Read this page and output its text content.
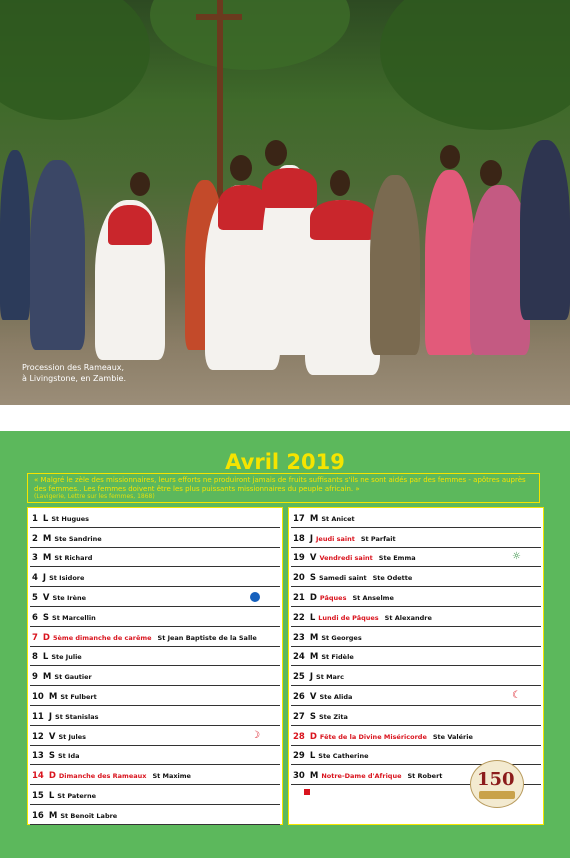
Procession des Rameaux,
à Livingstone, en Zambie.
Avril 2019
« Malgré le zèle des missionnaires, leurs efforts ne produiront jamais de fruits suffisants s'ils ne sont aidés par des femmes - apôtres auprès des femmes.. Les femmes doivent être les plus puissants missionnaires du peuple africain. »
(Lavigerie, Lettre sur les femmes, 1868)
1 L St Hugues
2 M Ste Sandrine
3 M St Richard
4 J St Isidore
5 V Ste Irène
6 S St Marcellin
7 D 5ème dimanche de carême St Jean Baptiste de la Salle
8 L Ste Julie
9 M St Gautier
10 M St Fulbert
11 J St Stanislas
12 V St Jules	☽
13 S St Ida
14 D Dimanche des Rameaux St Maxime
15 L St Paterne
16 M St Benoit Labre
17 M St Anicet
18 J Jeudi saint St Parfait
19 V Vendredi saint Ste Emma	☼
20 S Samedi saint Ste Odette
21 D Pâques St Anselme
22 L Lundi de Pâques St Alexandre
23 M St Georges
24 M St Fidèle
25 J St Marc
26 V Ste Alida	☾
27 S Ste Zita
28 D Fête de la Divine Miséricorde Ste Valérie
29 L Ste Catherine
30 M Notre-Dame d'Afrique St Robert 150
